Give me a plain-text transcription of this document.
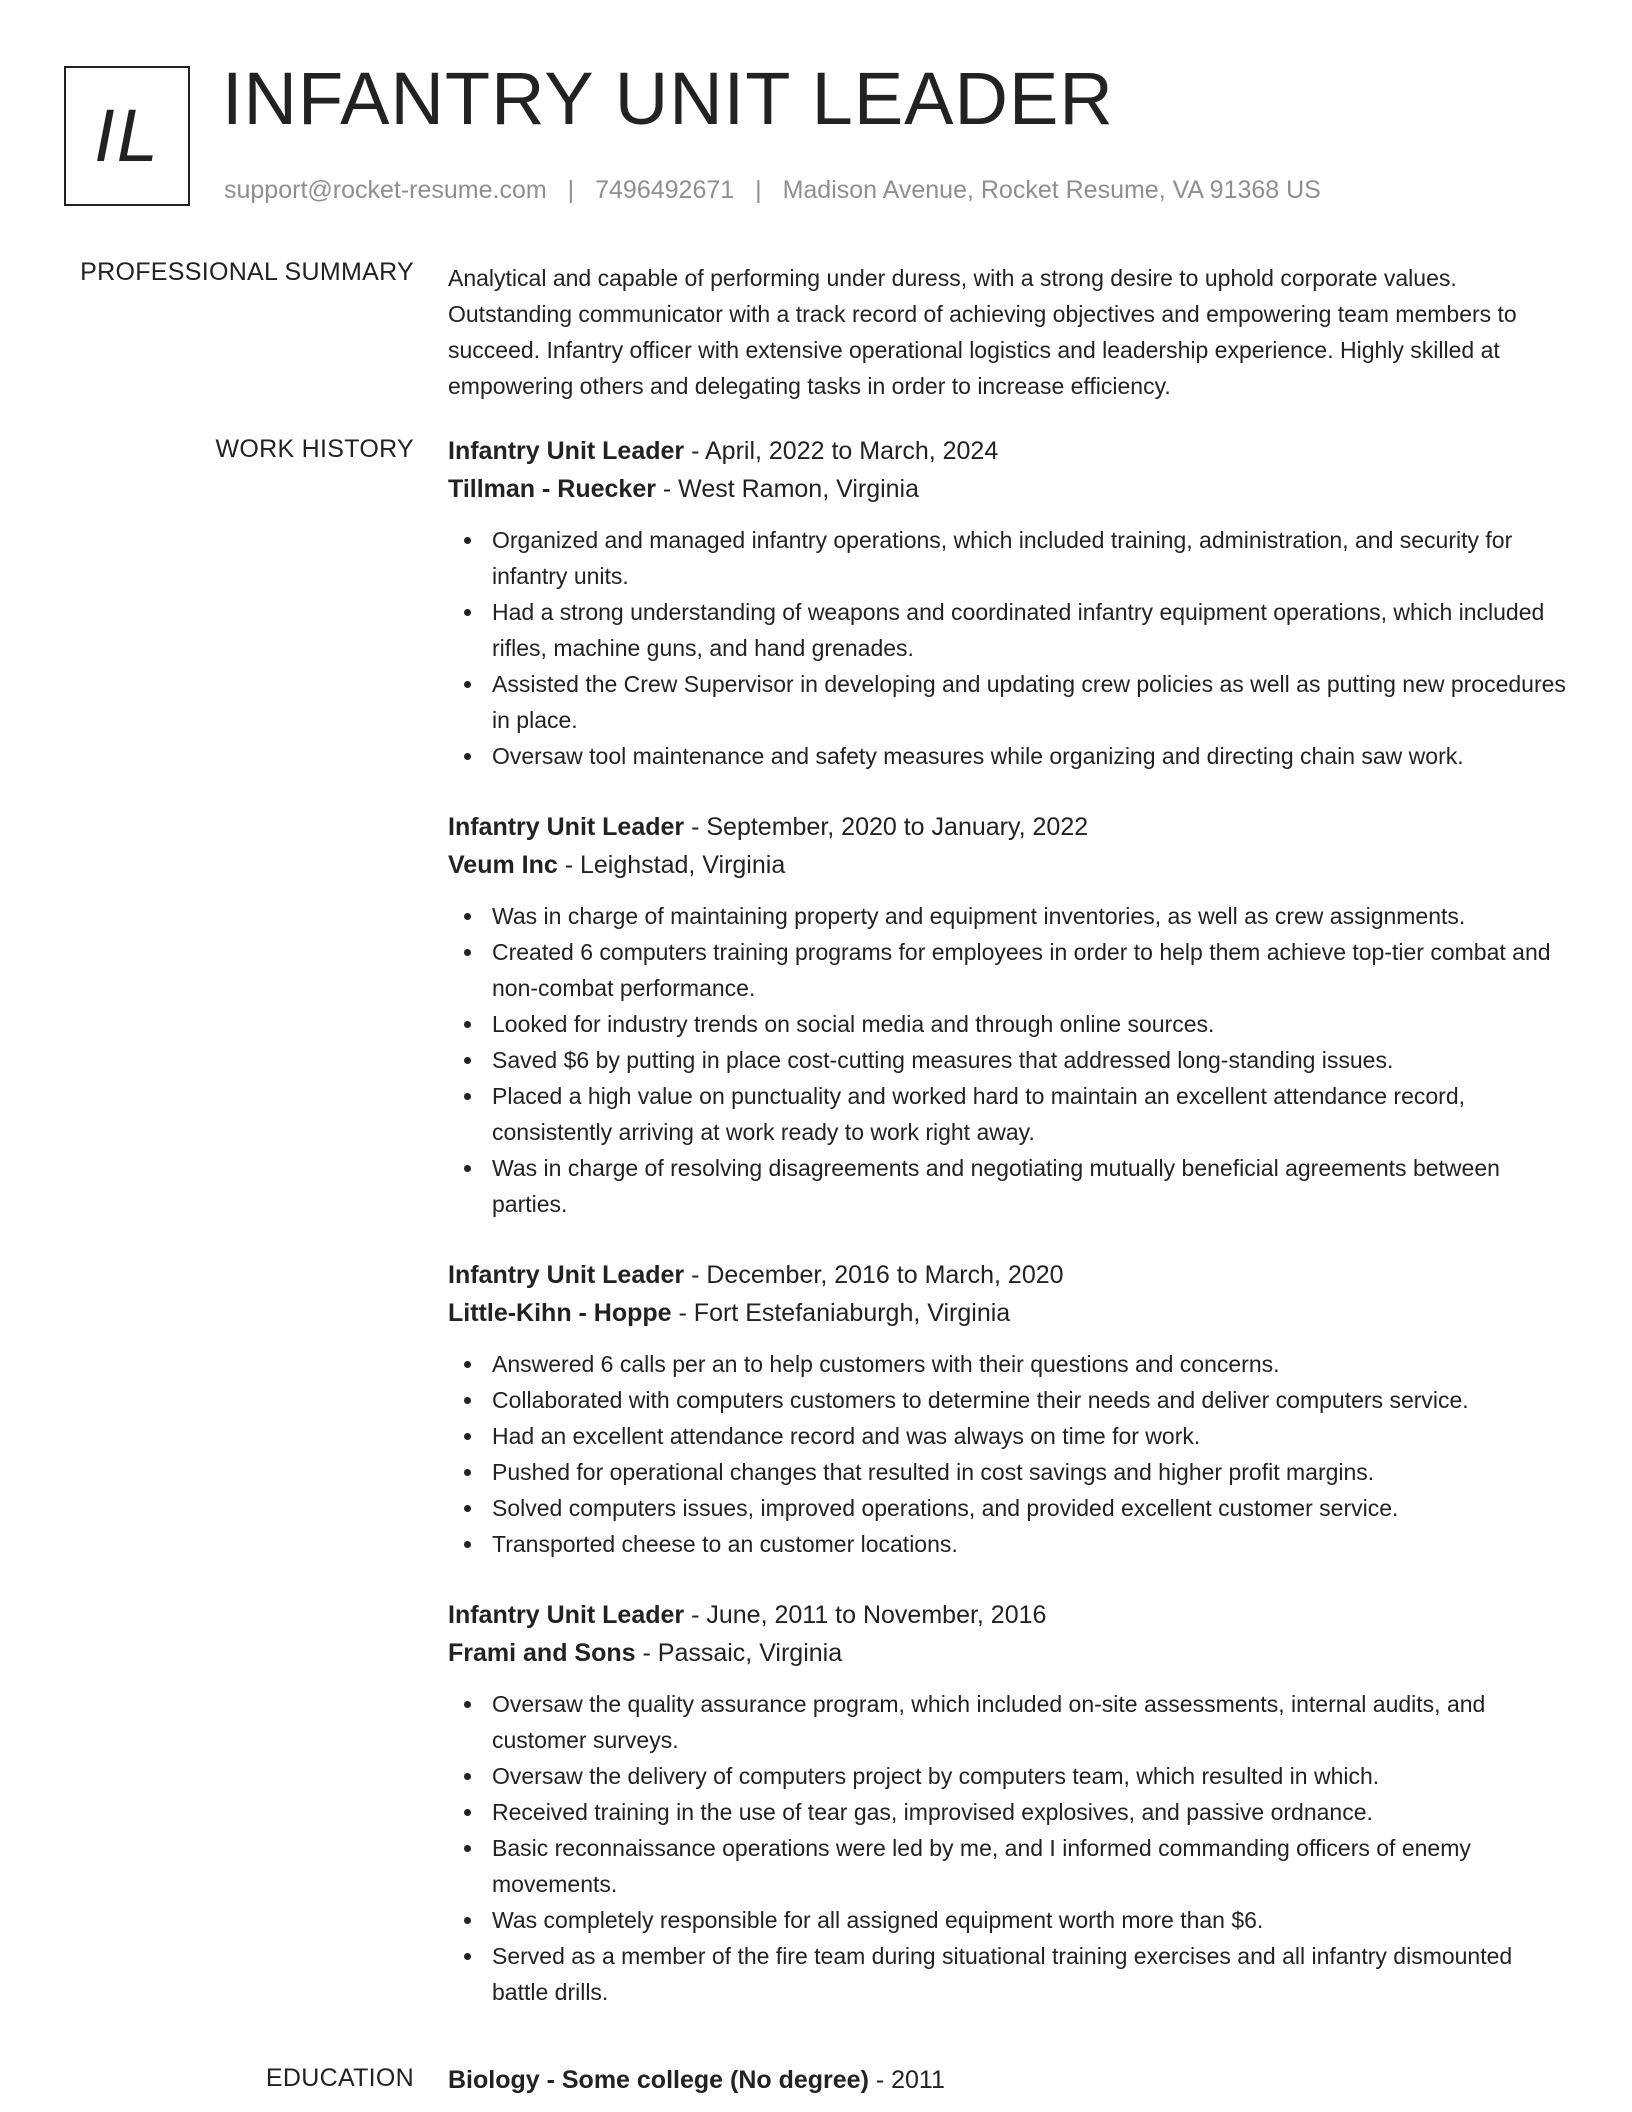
IL INFANTRY UNIT LEADER
support@rocket-resume.com | 7496492671 | Madison Avenue, Rocket Resume, VA 91368 US
PROFESSIONAL SUMMARY Analytical and capable of performing under duress, with a strong desire to uphold corporate values. Outstanding communicator with a track record of achieving objectives and empowering team members to succeed. Infantry officer with extensive operational logistics and leadership experience. Highly skilled at empowering others and delegating tasks in order to increase efficiency.

WORK HISTORY Infantry Unit Leader - April, 2022 to March, 2024

Tillman - Ruecker - West Ramon, Virginia

Organized and managed infantry operations, which included training, administration, and security for infantry units.
Had a strong understanding of weapons and coordinated infantry equipment operations, which included rifles, machine guns, and hand grenades.
Assisted the Crew Supervisor in developing and updating crew policies as well as putting new procedures in place.
Oversaw tool maintenance and safety measures while organizing and directing chain saw work.

Infantry Unit Leader - September, 2020 to January, 2022

Veum Inc - Leighstad, Virginia

Was in charge of maintaining property and equipment inventories, as well as crew assignments.
Created 6 computers training programs for employees in order to help them achieve top-tier combat and non-combat performance.
Looked for industry trends on social media and through online sources.
Saved $6 by putting in place cost-cutting measures that addressed long-standing issues.
Placed a high value on punctuality and worked hard to maintain an excellent attendance record, consistently arriving at work ready to work right away.
Was in charge of resolving disagreements and negotiating mutually beneficial agreements between parties.

Infantry Unit Leader - December, 2016 to March, 2020

Little-Kihn - Hoppe - Fort Estefaniaburgh, Virginia

Answered 6 calls per an to help customers with their questions and concerns.
Collaborated with computers customers to determine their needs and deliver computers service.
Had an excellent attendance record and was always on time for work.
Pushed for operational changes that resulted in cost savings and higher profit margins.
Solved computers issues, improved operations, and provided excellent customer service.
Transported cheese to an customer locations.

Infantry Unit Leader - June, 2011 to November, 2016

Frami and Sons - Passaic, Virginia

Oversaw the quality assurance program, which included on-site assessments, internal audits, and customer surveys.
Oversaw the delivery of computers project by computers team, which resulted in which.
Received training in the use of tear gas, improvised explosives, and passive ordnance.
Basic reconnaissance operations were led by me, and I informed commanding officers of enemy movements.
Was completely responsible for all assigned equipment worth more than $6.
Served as a member of the fire team during situational training exercises and all infantry dismounted battle drills.
EDUCATION Biology - Some college (No degree) - 2011
